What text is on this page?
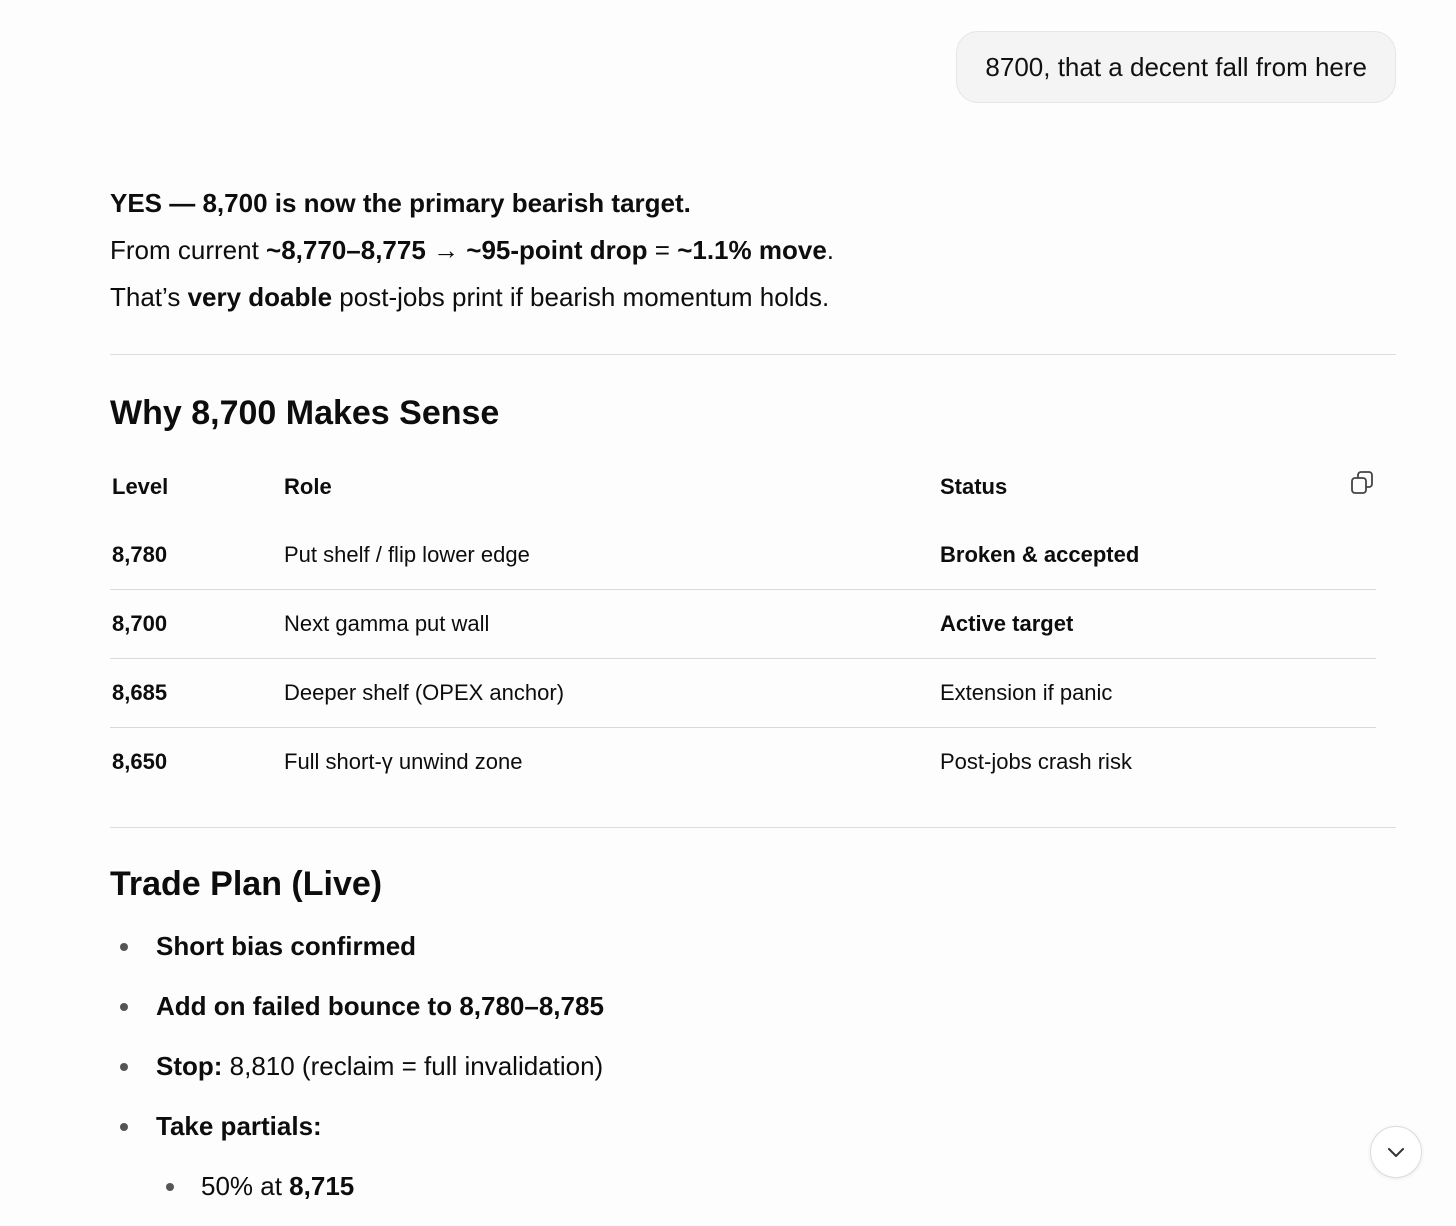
8700, that a decent fall from here

YES — 8,700 is now the primary bearish target.

From current ~8,770–8,775 → ~95-point drop = ~1.1% move.

That’s very doable post-jobs print if bearish momentum holds.

Why 8,700 Makes Sense
Level	Role	Status
8,780	Put shelf / flip lower edge	Broken & accepted
8,700	Next gamma put wall	Active target
8,685	Deeper shelf (OPEX anchor)	Extension if panic
8,650	Full short-γ unwind zone	Post-jobs crash risk
Trade Plan (Live)
Short bias confirmed
Add on failed bounce to 8,780–8,785
Stop: 8,810 (reclaim = full invalidation)
Take partials:
50% at 8,715
